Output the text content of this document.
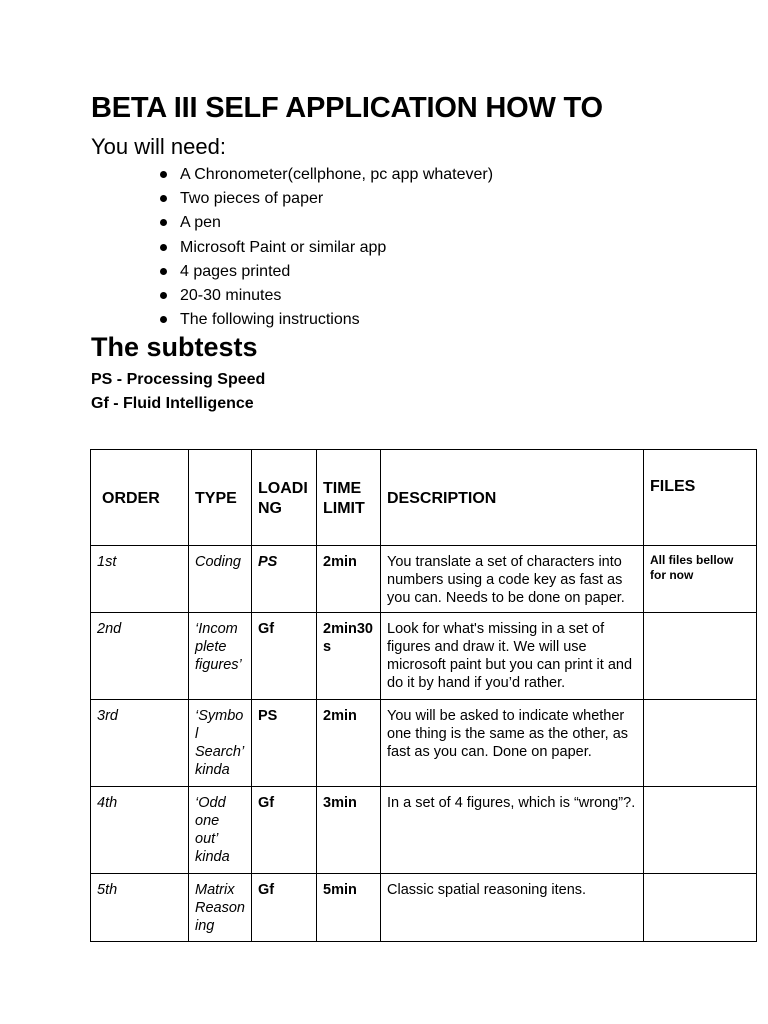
BETA III SELF APPLICATION HOW TO
You will need:
A Chronometer(cellphone, pc app whatever)
Two pieces of paper
A pen
Microsoft Paint or similar app
4 pages printed
20-30 minutes
The following instructions
The subtests

PS - Processing Speed

Gf - Fluid Intelligence

ORDER	TYPE	LOADING	TIME LIMIT	DESCRIPTION	FILES
1st	Coding	PS	2min	You translate a set of characters into numbers using a code key as fast as you can. Needs to be done on paper.	All files bellow for now
2nd	‘Incomplete figures’	Gf	2min30s	Look for what's missing in a set of figures and draw it. We will use microsoft paint but you can print it and do it by hand if you’d rather.	
3rd	‘Symbol Search’ kinda	PS	2min	You will be asked to indicate whether one thing is the same as the other, as fast as you can. Done on paper.	
4th	‘Odd one out’ kinda	Gf	3min	In a set of 4 figures, which is “wrong”?.	
5th	Matrix Reasoning	Gf	5min	Classic spatial reasoning itens.	
